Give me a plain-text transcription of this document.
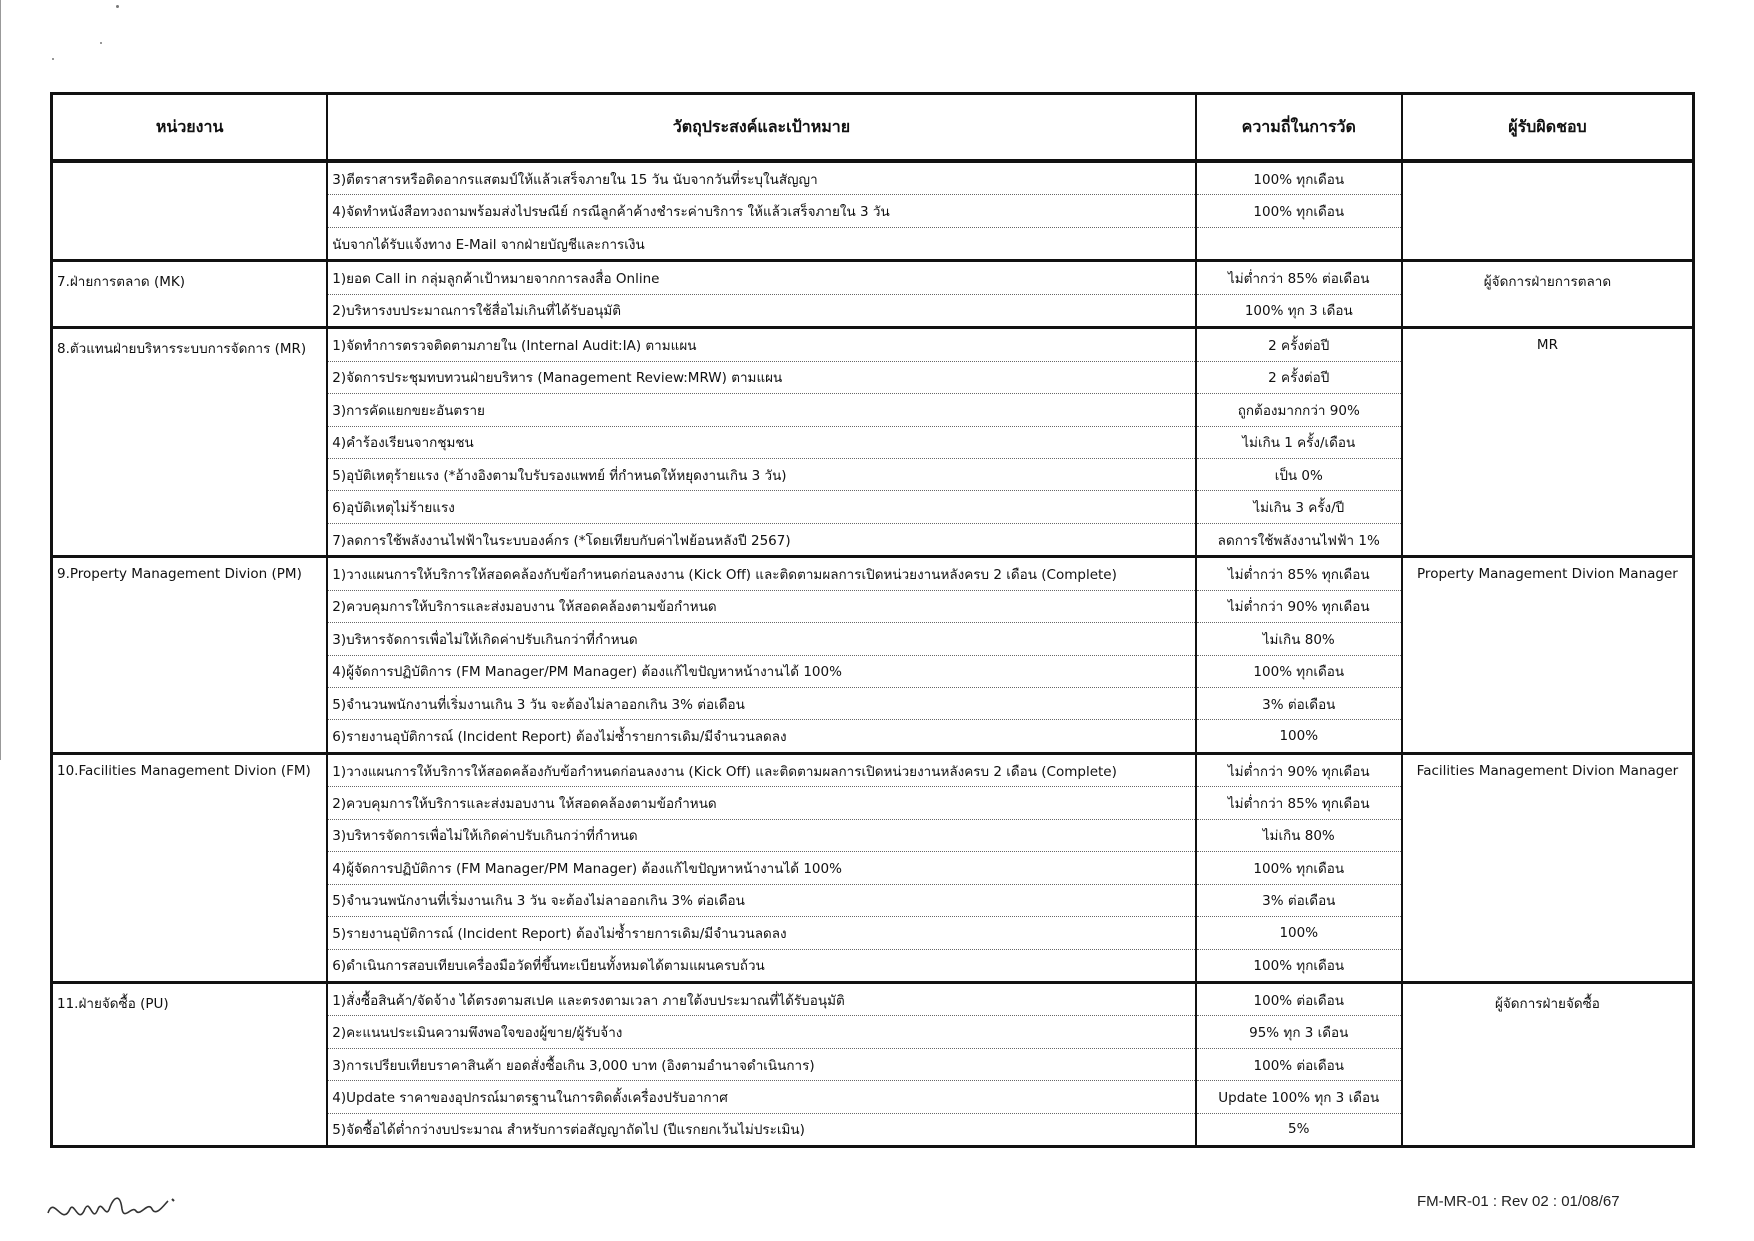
หน่วยงาน	วัตถุประสงค์และเป้าหมาย	ความถี่ในการวัด	ผู้รับผิดชอบ
	3)ตีตราสารหรือติดอากรแสตมป์ให้แล้วเสร็จภายใน 15 วัน นับจากวันที่ระบุในสัญญา	100% ทุกเดือน	
	4)จัดทำหนังสือทวงถามพร้อมส่งไปรษณีย์ กรณีลูกค้าค้างชำระค่าบริการ ให้แล้วเสร็จภายใน 3 วัน	100% ทุกเดือน	
	นับจากได้รับแจ้งทาง E-Mail จากฝ่ายบัญชีและการเงิน		
7.ฝ่ายการตลาด (MK)	1)ยอด Call in กลุ่มลูกค้าเป้าหมายจากการลงสื่อ Online	ไม่ต่ำกว่า 85% ต่อเดือน	ผู้จัดการฝ่ายการตลาด
	2)บริหารงบประมาณการใช้สื่อไม่เกินที่ได้รับอนุมัติ	100% ทุก 3 เดือน	
8.ตัวแทนฝ่ายบริหารระบบการจัดการ (MR)	1)จัดทำการตรวจติดตามภายใน (Internal Audit:IA) ตามแผน	2 ครั้งต่อปี	MR
	2)จัดการประชุมทบทวนฝ่ายบริหาร (Management Review:MRW) ตามแผน	2 ครั้งต่อปี	
	3)การคัดแยกขยะอันตราย	ถูกต้องมากกว่า 90%	
	4)คำร้องเรียนจากชุมชน	ไม่เกิน 1 ครั้ง/เดือน	
	5)อุบัติเหตุร้ายแรง (*อ้างอิงตามใบรับรองแพทย์ ที่กำหนดให้หยุดงานเกิน 3 วัน)	เป็น 0%	
	6)อุบัติเหตุไม่ร้ายแรง	ไม่เกิน 3 ครั้ง/ปี	
	7)ลดการใช้พลังงานไฟฟ้าในระบบองค์กร (*โดยเทียบกับค่าไฟย้อนหลังปี 2567)	ลดการใช้พลังงานไฟฟ้า 1%	
9.Property Management Divion (PM)	1)วางแผนการให้บริการให้สอดคล้องกับข้อกำหนดก่อนลงงาน (Kick Off) และติดตามผลการเปิดหน่วยงานหลังครบ 2 เดือน (Complete)	ไม่ต่ำกว่า 85% ทุกเดือน	Property Management Divion Manager
	2)ควบคุมการให้บริการและส่งมอบงาน ให้สอดคล้องตามข้อกำหนด	ไม่ต่ำกว่า 90% ทุกเดือน	
	3)บริหารจัดการเพื่อไม่ให้เกิดค่าปรับเกินกว่าที่กำหนด	ไม่เกิน 80%	
	4)ผู้จัดการปฏิบัติการ (FM Manager/PM Manager) ต้องแก้ไขปัญหาหน้างานได้ 100%	100% ทุกเดือน	
	5)จำนวนพนักงานที่เริ่มงานเกิน 3 วัน จะต้องไม่ลาออกเกิน 3% ต่อเดือน	3% ต่อเดือน	
	6)รายงานอุบัติการณ์ (Incident Report) ต้องไม่ซ้ำรายการเดิม/มีจำนวนลดลง	100%	
10.Facilities Management Divion (FM)	1)วางแผนการให้บริการให้สอดคล้องกับข้อกำหนดก่อนลงงาน (Kick Off) และติดตามผลการเปิดหน่วยงานหลังครบ 2 เดือน (Complete)	ไม่ต่ำกว่า 90% ทุกเดือน	Facilities Management Divion Manager
	2)ควบคุมการให้บริการและส่งมอบงาน ให้สอดคล้องตามข้อกำหนด	ไม่ต่ำกว่า 85% ทุกเดือน	
	3)บริหารจัดการเพื่อไม่ให้เกิดค่าปรับเกินกว่าที่กำหนด	ไม่เกิน 80%	
	4)ผู้จัดการปฏิบัติการ (FM Manager/PM Manager) ต้องแก้ไขปัญหาหน้างานได้ 100%	100% ทุกเดือน	
	5)จำนวนพนักงานที่เริ่มงานเกิน 3 วัน จะต้องไม่ลาออกเกิน 3% ต่อเดือน	3% ต่อเดือน	
	5)รายงานอุบัติการณ์ (Incident Report) ต้องไม่ซ้ำรายการเดิม/มีจำนวนลดลง	100%	
	6)ดำเนินการสอบเทียบเครื่องมือวัดที่ขึ้นทะเบียนทั้งหมดได้ตามแผนครบถ้วน	100% ทุกเดือน	
11.ฝ่ายจัดซื้อ (PU)	1)สั่งซื้อสินค้า/จัดจ้าง ได้ตรงตามสเปค และตรงตามเวลา ภายใต้งบประมาณที่ได้รับอนุมัติ	100% ต่อเดือน	ผู้จัดการฝ่ายจัดซื้อ
	2)คะแนนประเมินความพึงพอใจของผู้ขาย/ผู้รับจ้าง	95% ทุก 3 เดือน	
	3)การเปรียบเทียบราคาสินค้า ยอดสั่งซื้อเกิน 3,000 บาท (อิงตามอำนาจดำเนินการ)	100% ต่อเดือน	
	4)Update ราคาของอุปกรณ์มาตรฐานในการติดตั้งเครื่องปรับอากาศ	Update 100% ทุก 3 เดือน	
	5)จัดซื้อได้ต่ำกว่างบประมาณ สำหรับการต่อสัญญาถัดไป (ปีแรกยกเว้นไม่ประเมิน)	5%	
FM-MR-01 : Rev 02 : 01/08/67
